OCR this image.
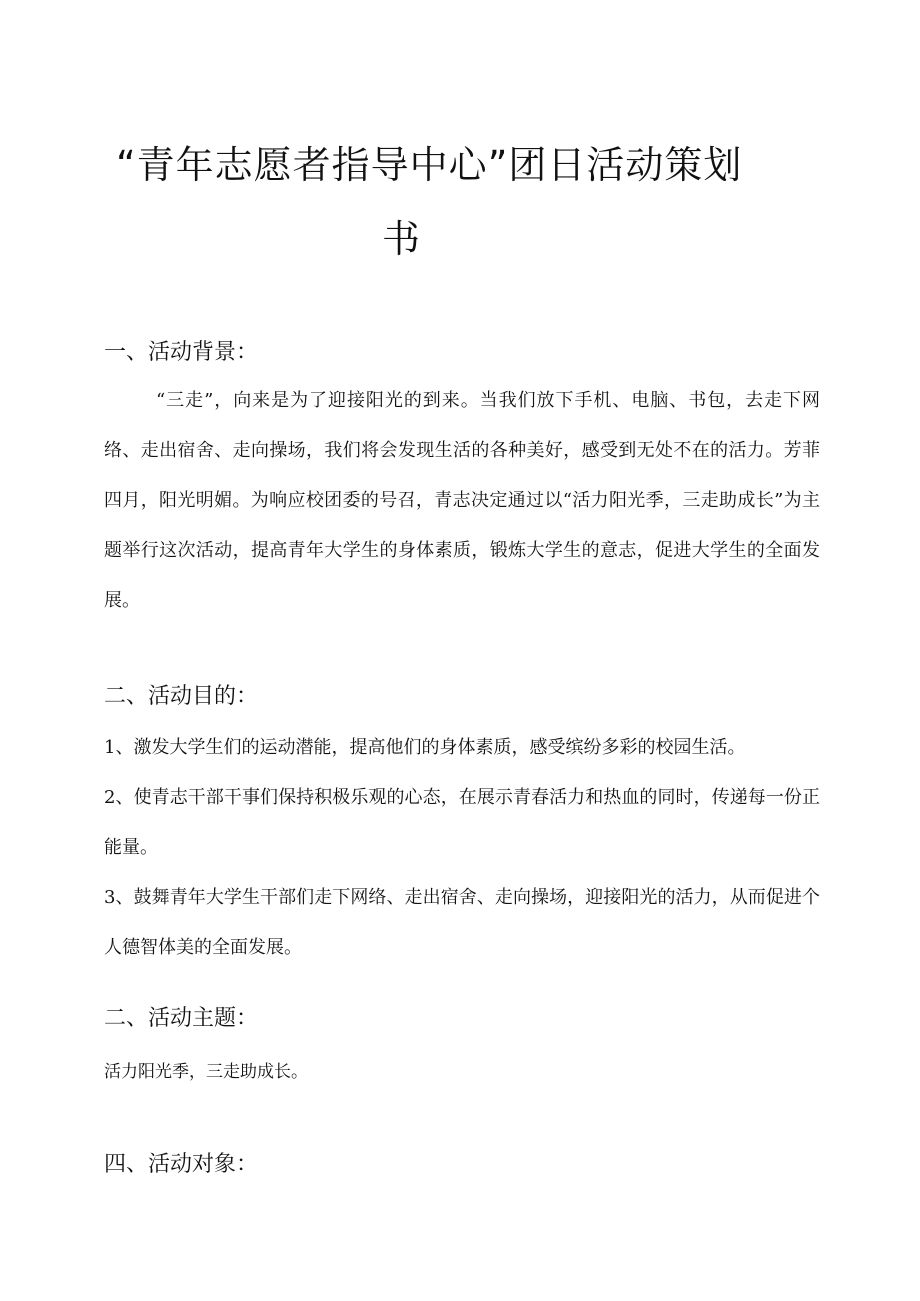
“青年志愿者指导中心”团日活动策划
书
一、活动背景：
“三走”，向来是为了迎接阳光的到来。当我们放下手机、电脑、书包，去走下网络、走出宿舍、走向操场，我们将会发现生活的各种美好，感受到无处不在的活力。芳菲四月，阳光明媚。为响应校团委的号召，青志决定通过以“活力阳光季，三走助成长”为主题举行这次活动，提高青年大学生的身体素质，锻炼大学生的意志，促进大学生的全面发展。
二、活动目的：
1、激发大学生们的运动潜能，提高他们的身体素质，感受缤纷多彩的校园生活。
2、使青志干部干事们保持积极乐观的心态，在展示青春活力和热血的同时，传递每一份正能量。
3、鼓舞青年大学生干部们走下网络、走出宿舍、走向操场，迎接阳光的活力，从而促进个人德智体美的全面发展。
二、活动主题：
活力阳光季，三走助成长。
四、活动对象：
